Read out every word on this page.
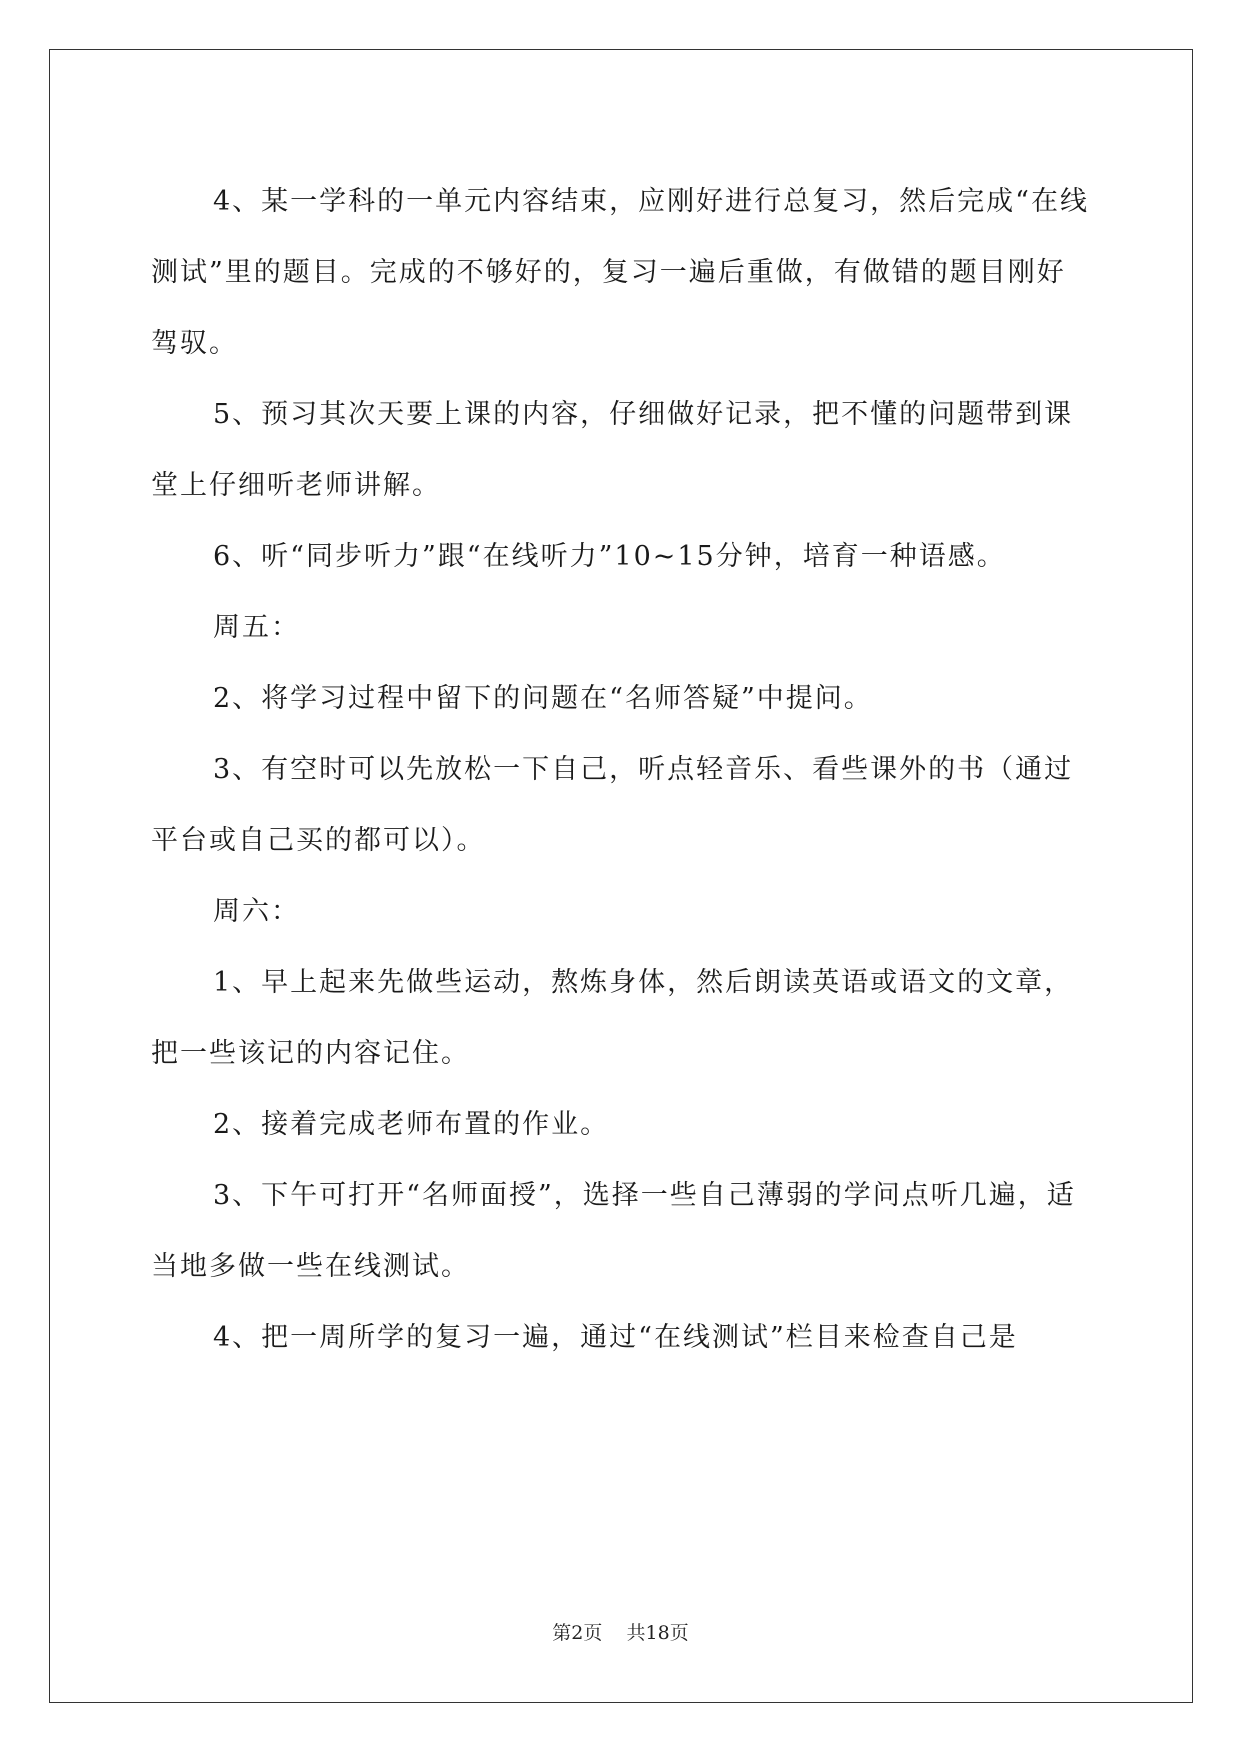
4、某一学科的一单元内容结束，应刚好进行总复习，然后完成“在线测试”里的题目。完成的不够好的，复习一遍后重做，有做错的题目刚好驾驭。

5、预习其次天要上课的内容，仔细做好记录，把不懂的问题带到课堂上仔细听老师讲解。

6、听“同步听力”跟“在线听力”10~15分钟，培育一种语感。

周五：

2、将学习过程中留下的问题在“名师答疑”中提问。

3、有空时可以先放松一下自己，听点轻音乐、看些课外的书（通过平台或自己买的都可以）。

周六：

1、早上起来先做些运动，熬炼身体，然后朗读英语或语文的文章，把一些该记的内容记住。

2、接着完成老师布置的作业。

3、下午可打开“名师面授”，选择一些自己薄弱的学问点听几遍，适当地多做一些在线测试。

4、把一周所学的复习一遍，通过“在线测试”栏目来检查自己是

第2页 共18页
